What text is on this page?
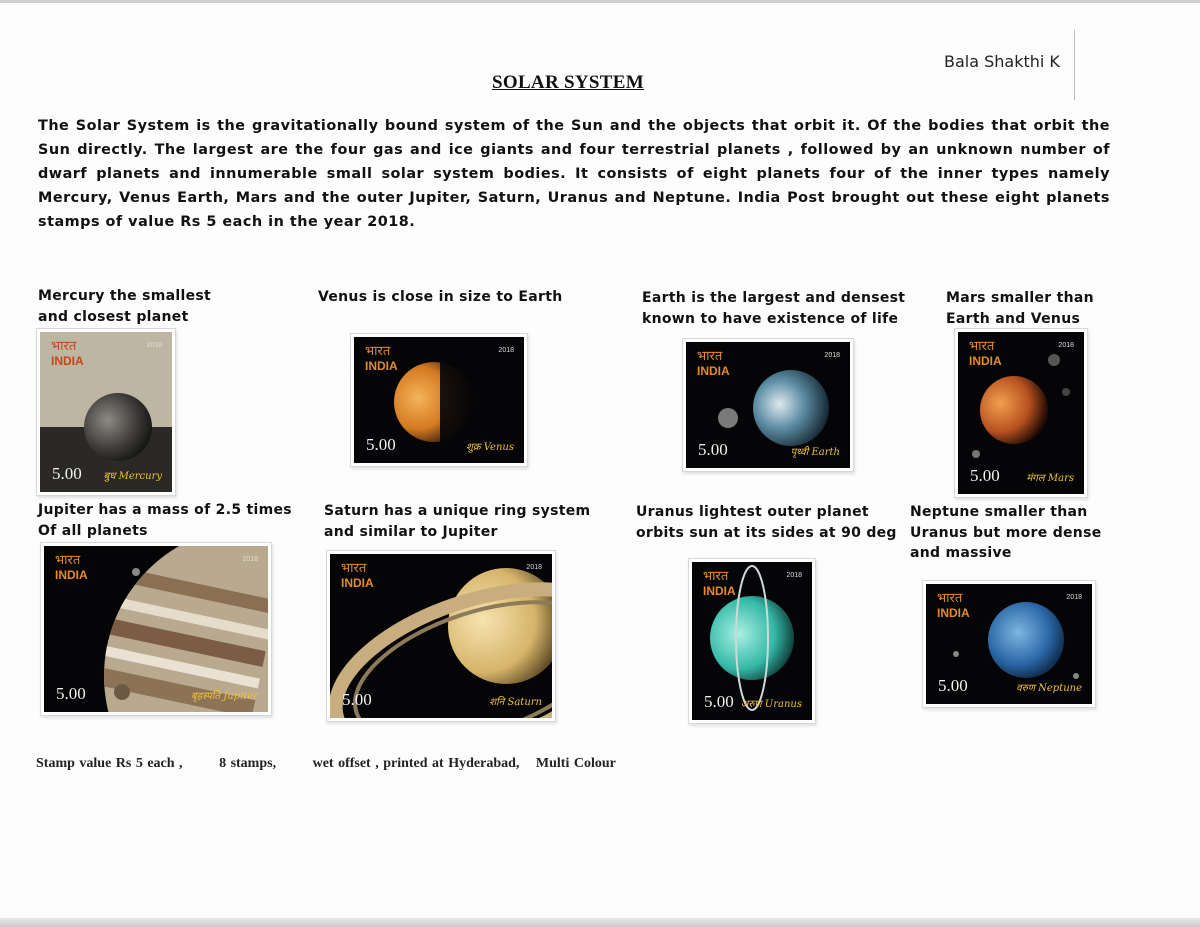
Bala Shakthi K
SOLAR SYSTEM
The Solar System is the gravitationally bound system of the Sun and the objects that orbit it. Of the bodies that orbit the Sun directly. The largest are the four gas and ice giants and four terrestrial planets , followed by an unknown number of dwarf planets and innumerable small solar system bodies. It consists of eight planets four of the inner types namely Mercury, Venus Earth, Mars and the outer Jupiter, Saturn, Uranus and Neptune. India Post brought out these eight planets stamps of value Rs 5 each in the year 2018.
Mercury the smallest
and closest planet
Venus is close in size to Earth	Earth is the largest and densest
known to have existence of life
Mars smaller than
Earth and Venus
Jupiter has a mass of 2.5 times
Of all planets
Saturn has a unique ring system
and similar to Jupiter
Uranus lightest outer planet
orbits sun at its sides at 90 deg
Neptune smaller than
Uranus but more dense
and massive
भारत
INDIA
2018
5.00 बुध Mercury
भारत
INDIA
2018
5.00	शुक्र Venus
भारत
INDIA
2018
5.00	पृथ्वी Earth
भारत
INDIA
2018
5.00	मंगल Mars
भारत
INDIA
2018
5.00	बृहस्पति Jupiter
भारत
INDIA
2018
5.00	शनि Saturn
भारत
INDIA
2018
5.00 अरुण Uranus
भारत
INDIA
2018
5.00	वरुण Neptune
Stamp value Rs 5 each ,	8 stamps,	wet offset , printed at Hyderabad, Multi Colour
